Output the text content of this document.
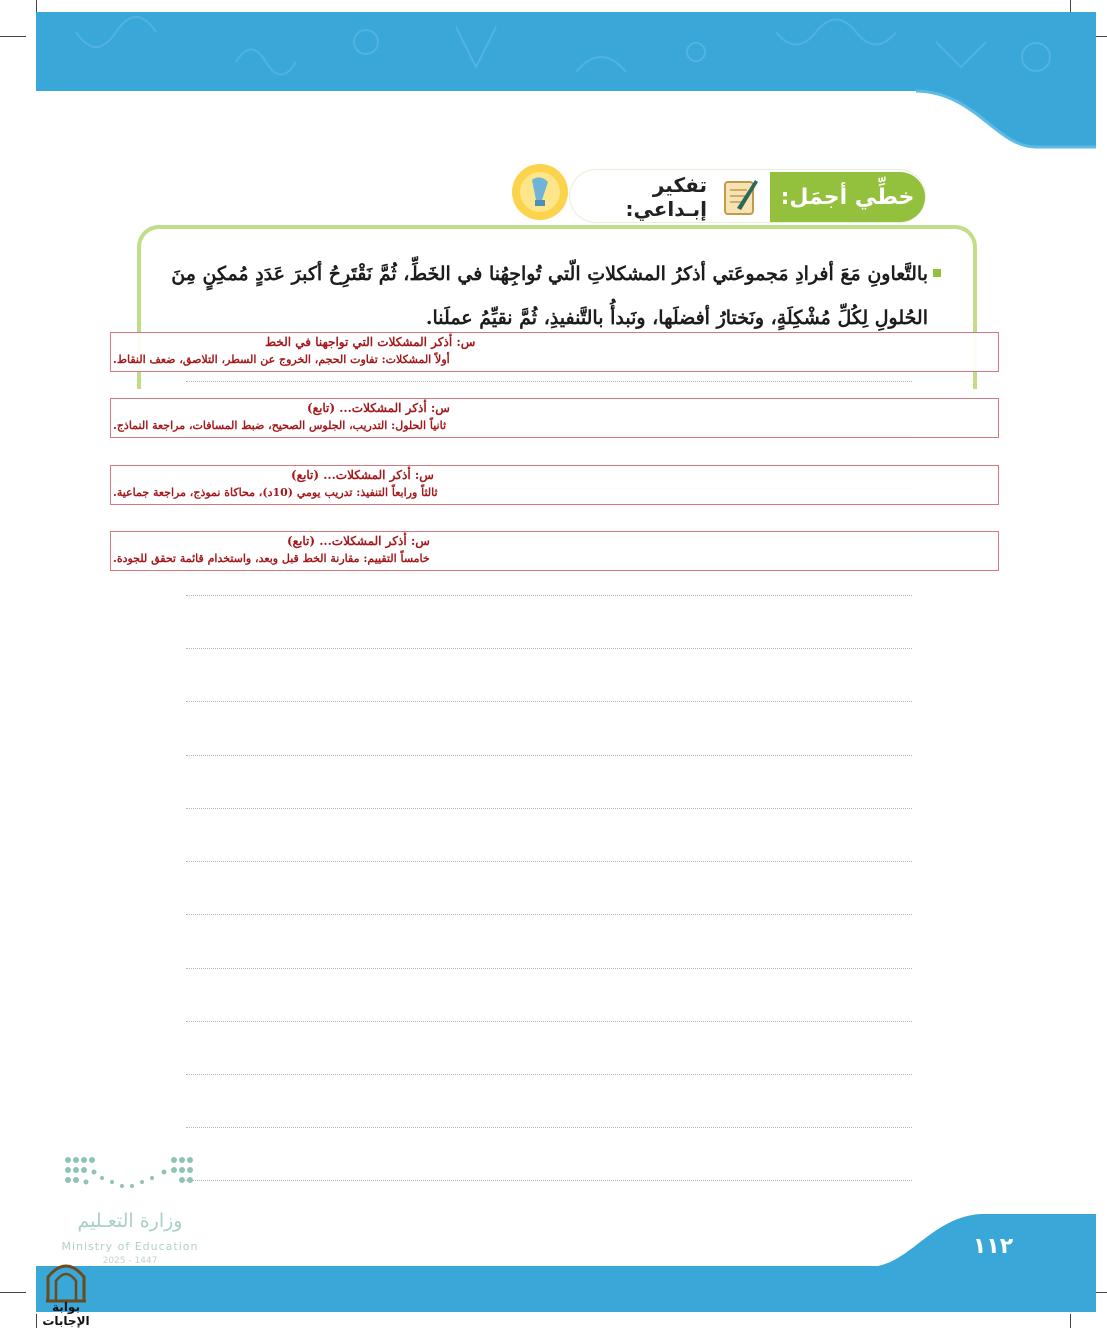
خطِّي أجمَل:
تفكير إبـداعي:
بالتَّعاونِ مَعَ أفرادِ مَجموعَتي أذكرُ المشكلاتِ الّتي تُواجِهُنا في الخَطِّ، ثُمَّ نَقْتَرِحُ أكبرَ عَدَدٍ مُمكِنٍ مِنَ الحُلولِ لِكُلِّ مُشْكِلَةٍ، ونَختارُ أفضلَها، ونَبدأُ بالتَّنفيذِ، ثُمَّ نقيِّمُ عملَنا.
س: أذكر المشكلات التي تواجهنا في الخط
أولاً المشكلات: تفاوت الحجم، الخروج عن السطر، التلاصق، ضعف النقاط.
س: أذكر المشكلات... (تابع)
ثانياً الحلول: التدريب، الجلوس الصحيح، ضبط المسافات، مراجعة النماذج.
س: أذكر المشكلات... (تابع)
ثالثاً ورابعاً التنفيذ: تدريب يومي (10د)، محاكاة نموذج، مراجعة جماعية.
س: أذكر المشكلات... (تابع)
خامساً التقييم: مقارنة الخط قبل وبعد، واستخدام قائمة تحقق للجودة.
وزارة التعـليم
Ministry of Education
2025 - 1447
١١٢
بوابة الإجابات
